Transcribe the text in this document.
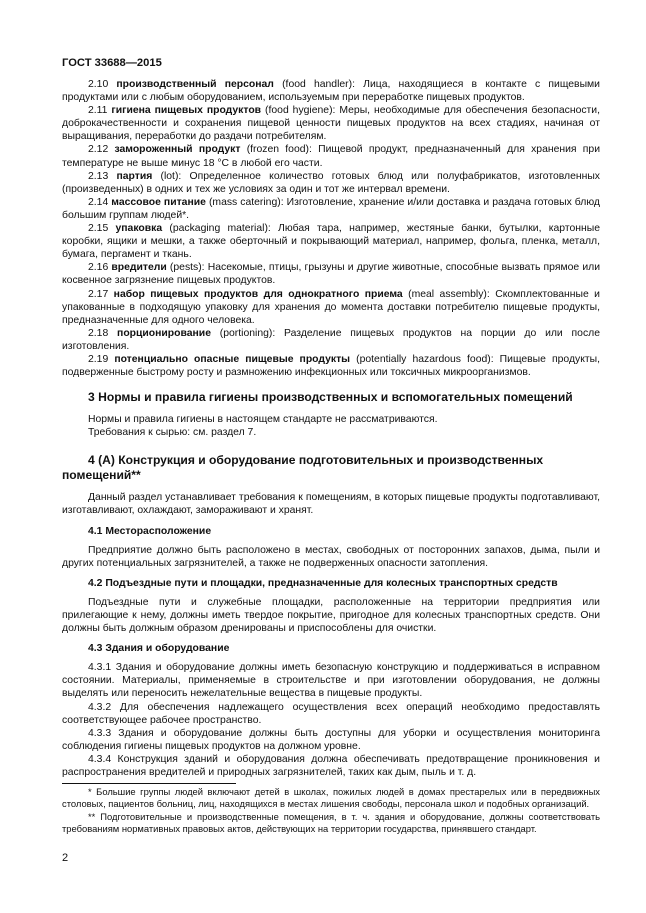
ГОСТ 33688—2015

2.10 производственный персонал (food handler): Лица, находящиеся в контакте с пищевыми продуктами или с любым оборудованием, используемым при переработке пищевых продуктов.

2.11 гигиена пищевых продуктов (food hygiene): Меры, необходимые для обеспечения безопасности, доброкачественности и сохранения пищевой ценности пищевых продуктов на всех стадиях, начиная от выращивания, переработки до раздачи потребителям.

2.12 замороженный продукт (frozen food): Пищевой продукт, предназначенный для хранения при температуре не выше минус 18 °С в любой его части.

2.13 партия (lot): Определенное количество готовых блюд или полуфабрикатов, изготовленных (произведенных) в одних и тех же условиях за один и тот же интервал времени.

2.14 массовое питание (mass catering): Изготовление, хранение и/или доставка и раздача готовых блюд большим группам людей*.

2.15 упаковка (packaging material): Любая тара, например, жестяные банки, бутылки, картонные коробки, ящики и мешки, а также оберточный и покрывающий материал, например, фольга, пленка, металл, бумага, пергамент и ткань.

2.16 вредители (pests): Насекомые, птицы, грызуны и другие животные, способные вызвать прямое или косвенное загрязнение пищевых продуктов.

2.17 набор пищевых продуктов для однократного приема (meal assembly): Скомплектованные и упакованные в подходящую упаковку для хранения до момента доставки потребителю пищевые продукты, предназначенные для одного человека.

2.18 порционирование (portioning): Разделение пищевых продуктов на порции до или после изготовления.

2.19 потенциально опасные пищевые продукты (potentially hazardous food): Пищевые продукты, подверженные быстрому росту и размножению инфекционных или токсичных микроорганизмов.

3 Нормы и правила гигиены производственных и вспомогательных помещений

Нормы и правила гигиены в настоящем стандарте не рассматриваются.

Требования к сырью: см. раздел 7.

4 (А) Конструкция и оборудование подготовительных и производственных помещений**

Данный раздел устанавливает требования к помещениям, в которых пищевые продукты подготавливают, изготавливают, охлаждают, замораживают и хранят.

4.1 Месторасположение

Предприятие должно быть расположено в местах, свободных от посторонних запахов, дыма, пыли и других потенциальных загрязнителей, а также не подверженных опасности затопления.

4.2 Подъездные пути и площадки, предназначенные для колесных транспортных средств

Подъездные пути и служебные площадки, расположенные на территории предприятия или прилегающие к нему, должны иметь твердое покрытие, пригодное для колесных транспортных средств. Они должны быть должным образом дренированы и приспособлены для очистки.

4.3 Здания и оборудование

4.3.1 Здания и оборудование должны иметь безопасную конструкцию и поддерживаться в исправном состоянии. Материалы, применяемые в строительстве и при изготовлении оборудования, не должны выделять или переносить нежелательные вещества в пищевые продукты.

4.3.2 Для обеспечения надлежащего осуществления всех операций необходимо предоставлять соответствующее рабочее пространство.

4.3.3 Здания и оборудование должны быть доступны для уборки и осуществления мониторинга соблюдения гигиены пищевых продуктов на должном уровне.

4.3.4 Конструкция зданий и оборудования должна обеспечивать предотвращение проникновения и распространения вредителей и природных загрязнителей, таких как дым, пыль и т. д.

* Большие группы людей включают детей в школах, пожилых людей в домах престарелых или в передвижных столовых, пациентов больниц, лиц, находящихся в местах лишения свободы, персонала школ и подобных организаций.

** Подготовительные и производственные помещения, в т. ч. здания и оборудование, должны соответствовать требованиям нормативных правовых актов, действующих на территории государства, принявшего стандарт.

2
